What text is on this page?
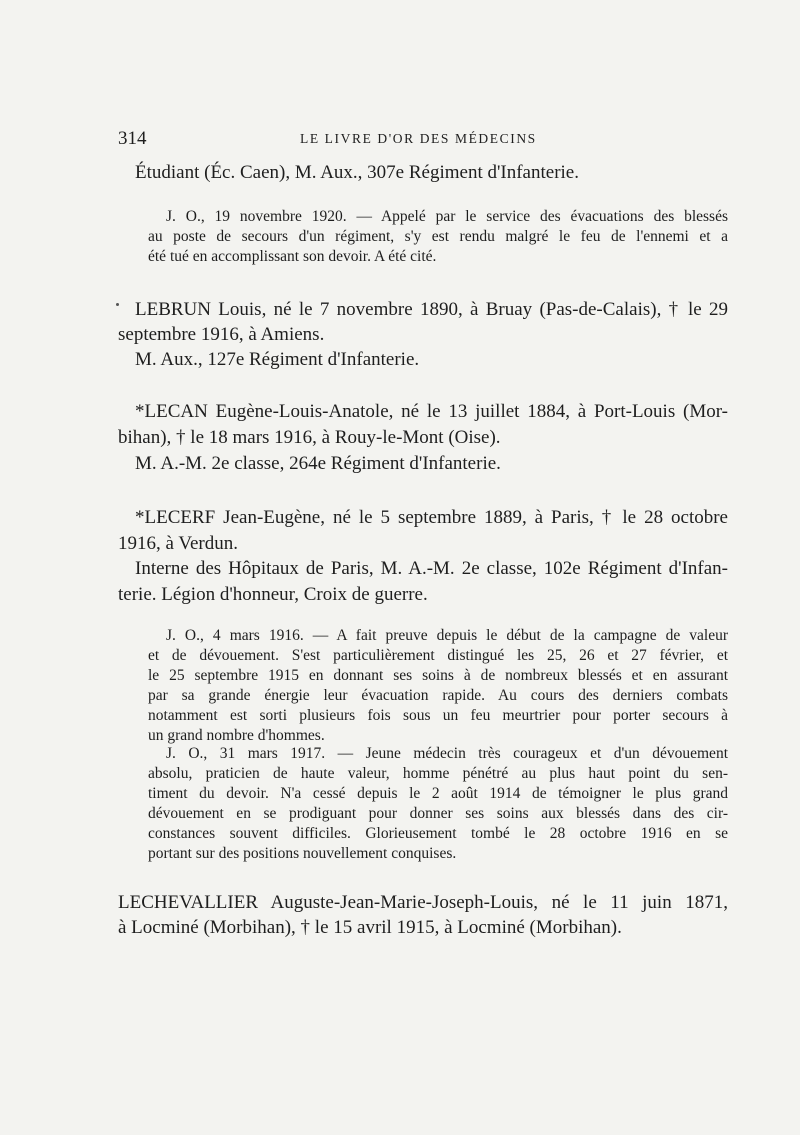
314	LE LIVRE D'OR DES MÉDECINS

Étudiant (Éc. Caen), M. Aux., 307e Régiment d'Infanterie.

J. O., 19 novembre 1920. — Appelé par le service des évacuations des blessés

au poste de secours d'un régiment, s'y est rendu malgré le feu de l'ennemi et a

été tué en accomplissant son devoir. A été cité.

LEBRUN Louis, né le 7 novembre 1890, à Bruay (Pas-de-Calais), † le 29

septembre 1916, à Amiens.

M. Aux., 127e Régiment d'Infanterie.

*LECAN Eugène-Louis-Anatole, né le 13 juillet 1884, à Port-Louis (Mor-

bihan), † le 18 mars 1916, à Rouy-le-Mont (Oise).

M. A.-M. 2e classe, 264e Régiment d'Infanterie.

*LECERF Jean-Eugène, né le 5 septembre 1889, à Paris, † le 28 octobre

1916, à Verdun.

Interne des Hôpitaux de Paris, M. A.-M. 2e classe, 102e Régiment d'Infan-

terie. Légion d'honneur, Croix de guerre.

J. O., 4 mars 1916. — A fait preuve depuis le début de la campagne de valeur

et de dévouement. S'est particulièrement distingué les 25, 26 et 27 février, et

le 25 septembre 1915 en donnant ses soins à de nombreux blessés et en assurant

par sa grande énergie leur évacuation rapide. Au cours des derniers combats

notamment est sorti plusieurs fois sous un feu meurtrier pour porter secours à

un grand nombre d'hommes.

J. O., 31 mars 1917. — Jeune médecin très courageux et d'un dévouement

absolu, praticien de haute valeur, homme pénétré au plus haut point du sen-

timent du devoir. N'a cessé depuis le 2 août 1914 de témoigner le plus grand

dévouement en se prodiguant pour donner ses soins aux blessés dans des cir-

constances souvent difficiles. Glorieusement tombé le 28 octobre 1916 en se

portant sur des positions nouvellement conquises.

LECHEVALLIER Auguste-Jean-Marie-Joseph-Louis, né le 11 juin 1871,

à Locminé (Morbihan), † le 15 avril 1915, à Locminé (Morbihan).
